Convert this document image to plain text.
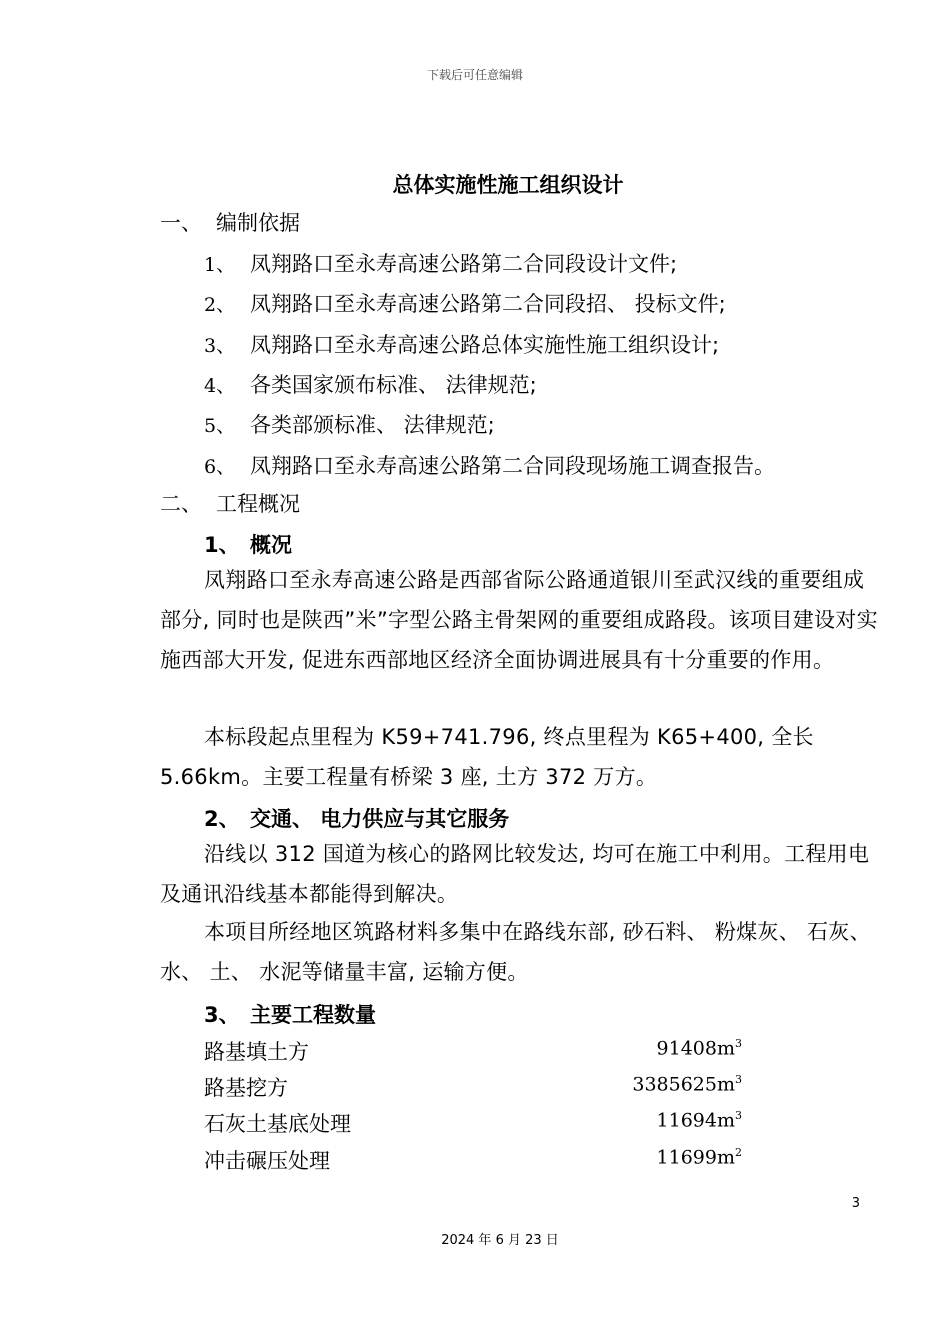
下载后可任意编辑
总体实施性施工组织设计
一、 编制依据
1、 凤翔路口至永寿高速公路第二合同段设计文件;
2、 凤翔路口至永寿高速公路第二合同段招、 投标文件;
3、 凤翔路口至永寿高速公路总体实施性施工组织设计;
4、 各类国家颁布标准、 法律规范;
5、 各类部颁标准、 法律规范;
6、 凤翔路口至永寿高速公路第二合同段现场施工调查报告。
二、 工程概况
1、 概况
凤翔路口至永寿高速公路是西部省际公路通道银川至武汉线的重要组成部分, 同时也是陕西”米”字型公路主骨架网的重要组成路段。该项目建设对实施西部大开发, 促进东西部地区经济全面协调进展具有十分重要的作用。
本标段起点里程为 K59+741.796, 终点里程为 K65+400, 全长 5.66km。主要工程量有桥梁 3 座, 土方 372 万方。
2、 交通、 电力供应与其它服务
沿线以 312 国道为核心的路网比较发达, 均可在施工中利用。工程用电及通讯沿线基本都能得到解决。
本项目所经地区筑路材料多集中在路线东部, 砂石料、 粉煤灰、 石灰、 水、 土、 水泥等储量丰富, 运输方便。
3、 主要工程数量
路基填土方	$91408m^3$
路基挖方	$3385625m^3$
石灰土基底处理	$11694m^3$
冲击碾压处理	$11699m^2$
3
2024 年 6 月 23 日
